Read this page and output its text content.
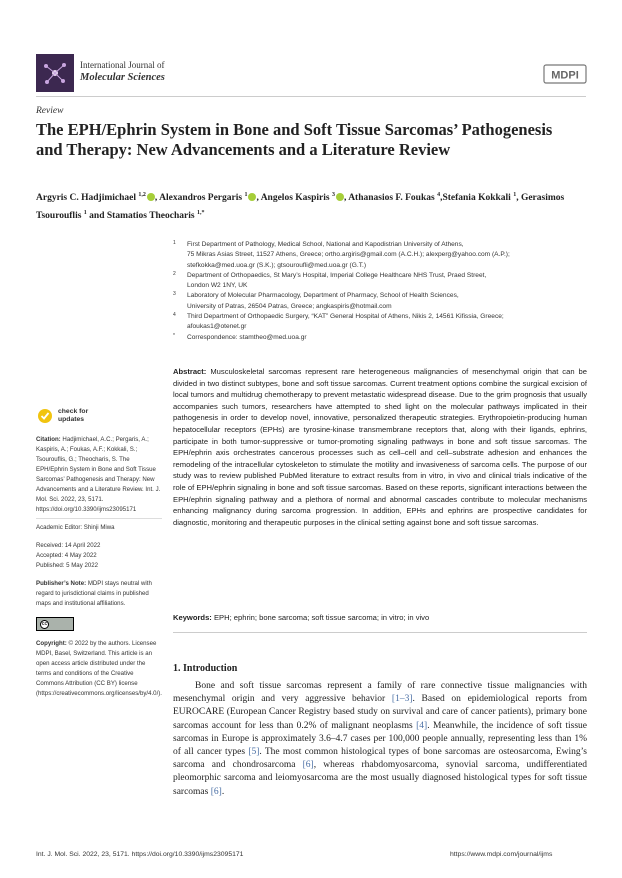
International Journal of
Molecular Sciences	MDPI
Review
The EPH/Ephrin System in Bone and Soft Tissue Sarcomas’ Pathogenesis and Therapy: New Advancements and a Literature Review
Argyris C. Hadjimichael $^{1,2}$ , Alexandros Pergaris $^1$ , Angelos Kaspiris $^3$ , Athanasios F. Foukas $^4$,Stefania Kokkali $^1$, Gerasimos Tsourouflis $^1$ and Stamatios Theocharis $^{1,*}$
1 First Department of Pathology, Medical School, National and Kapodistrian University of Athens,
75 Mikras Asias Street, 11527 Athens, Greece; ortho.argiris@gmail.com (A.C.H.); alexperg@yahoo.com (A.P.);
stefkokka@med.uoa.gr (S.K.); gtsouroufli@med.uoa.gr (G.T.)
2 Department of Orthopaedics, St Mary’s Hospital, Imperial College Healthcare NHS Trust, Praed Street,
London W2 1NY, UK
3 Laboratory of Molecular Pharmacology, Department of Pharmacy, School of Health Sciences,
University of Patras, 26504 Patras, Greece; angkaspiris@hotmail.com
4 Third Department of Orthopaedic Surgery, “KAT” General Hospital of Athens, Nikis 2, 14561 Kifissia, Greece;
afoukas1@otenet.gr
* Correspondence: stamtheo@med.uoa.gr
Abstract: Musculoskeletal sarcomas represent rare heterogeneous malignancies of mesenchymal origin that can be divided in two distinct subtypes, bone and soft tissue sarcomas. Current treatment options combine the surgical excision of local tumors and multidrug chemotherapy to prevent metastatic widespread disease. Due to the grim prognosis that usually accompanies such tumors, researchers have attempted to shed light on the molecular pathways implicated in their pathogenesis in order to develop novel, innovative, personalized therapeutic strategies. Erythropoietin-producing human hepatocellular receptors (EPHs) are tyrosine-kinase transmembrane receptors that, along with their ligands, ephrins, participate in both tumor-suppressive or tumor-promoting signaling pathways in bone and soft tissue sarcomas. The EPH/ephrin axis orchestrates cancerous processes such as cell–cell and cell–substrate adhesion and enhances the remodeling of the intracellular cytoskeleton to stimulate the motility and invasiveness of sarcoma cells. The purpose of our study was to review published PubMed literature to extract results from in vitro, in vivo and clinical trials indicative of the role of EPH/ephrin signaling in bone and soft tissue sarcomas. Based on these reports, significant interactions between the EPH/ephrin signaling pathway and a plethora of normal and abnormal cascades contribute to molecular mechanisms enhancing malignancy during sarcoma progression. In addition, EPHs and ephrins are prospective candidates for diagnostic, monitoring and therapeutic purposes in the clinical setting against bone and soft tissue sarcomas.
Keywords: EPH; ephrin; bone sarcoma; soft tissue sarcoma; in vitro; in vivo
1. Introduction
Bone and soft tissue sarcomas represent a family of rare connective tissue malignancies with mesenchymal origin and very aggressive behavior [1–3]. Based on epidemiological reports from EUROCARE (European Cancer Registry based study on survival and care of cancer patients), primary bone sarcomas account for less than 0.2% of malignant neoplasms [4]. Meanwhile, the incidence of soft tissue sarcomas in Europe is approximately 3.6–4.7 cases per 100,000 people annually, representing less than 1% of all cancer types [5]. The most common histological types of bone sarcomas are osteosarcoma, Ewing’s sarcoma and chondrosarcoma [6], whereas rhabdomyosarcoma, synovial sarcoma, undifferentiated pleomorphic sarcoma and leiomyosarcoma are the most usually diagnosed histological types for soft tissue sarcomas [6].
check for
updates
Citation: Hadjimichael, A.C.; Pergaris, A.; Kaspiris, A.; Foukas, A.F.; Kokkali, S.; Tsourouflis, G.; Theocharis, S. The EPH/Ephrin System in Bone and Soft Tissue Sarcomas’ Pathogenesis and Therapy: New Advancements and a Literature Review. Int. J. Mol. Sci. 2022, 23, 5171. https://doi.org/10.3390/ijms23095171
Academic Editor: Shinji Miwa
Received: 14 April 2022
Accepted: 4 May 2022
Published: 5 May 2022
Publisher’s Note: MDPI stays neutral with regard to jurisdictional claims in published maps and institutional affiliations.
cc
Copyright: © 2022 by the authors. Licensee MDPI, Basel, Switzerland. This article is an open access article distributed under the terms and conditions of the Creative Commons Attribution (CC BY) license (https://creativecommons.org/licenses/by/4.0/).
Int. J. Mol. Sci. 2022, 23, 5171. https://doi.org/10.3390/ijms23095171	https://www.mdpi.com/journal/ijms
